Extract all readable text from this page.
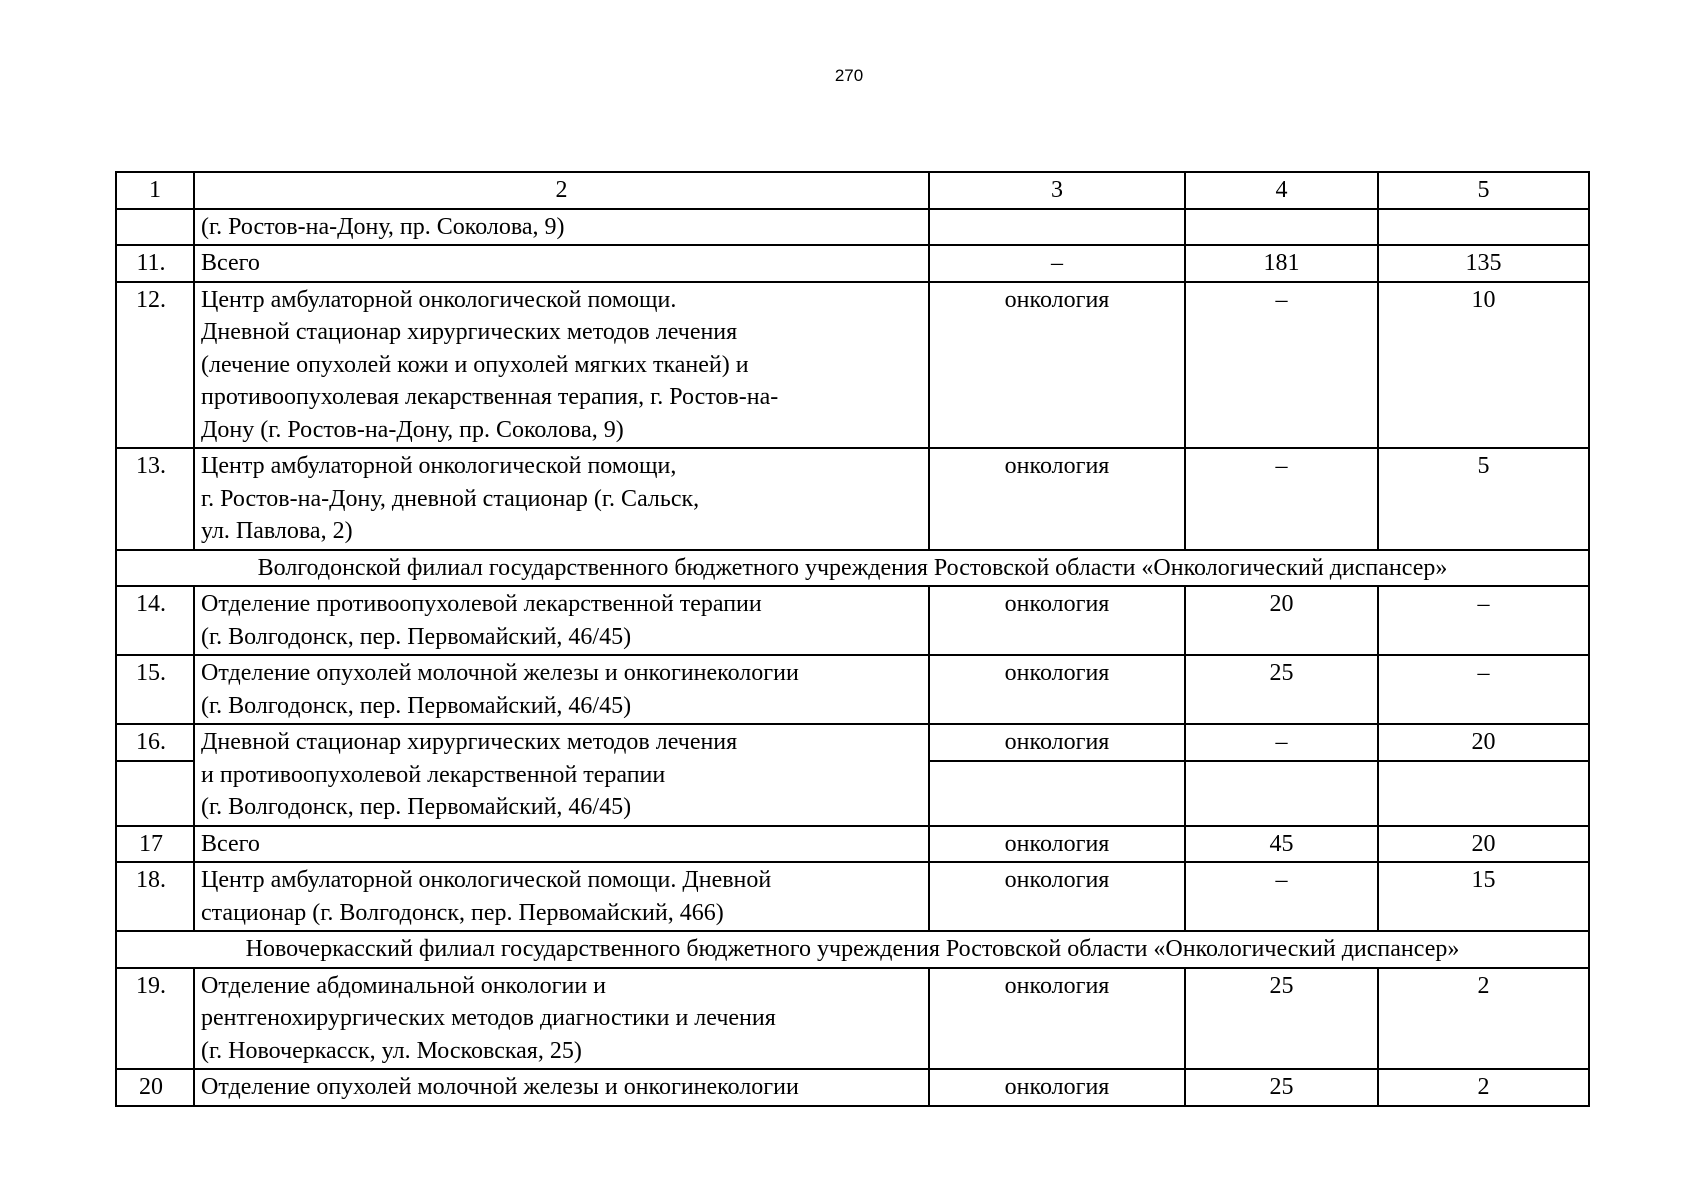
270
1	2	3	4	5
	(г. Ростов-на-Дону, пр. Соколова, 9)			
11.	Всего	–	181	135
12.	Центр амбулаторной онкологической помощи.
Дневной стационар хирургических методов лечения
(лечение опухолей кожи и опухолей мягких тканей) и
противоопухолевая лекарственная терапия, г. Ростов-на-
Дону (г. Ростов-на-Дону, пр. Соколова, 9)	онкология	–	10
13.	Центр амбулаторной онкологической помощи,
г. Ростов-на-Дону, дневной стационар (г. Сальск,
ул. Павлова, 2)	онкология	–	5
Волгодонской филиал государственного бюджетного учреждения Ростовской области «Онкологический диспансер»				
14.	Отделение противоопухолевой лекарственной терапии
(г. Волгодонск, пер. Первомайский, 46/45)	онкология	20	–
15.	Отделение опухолей молочной железы и онкогинекологии
(г. Волгодонск, пер. Первомайский, 46/45)	онкология	25	–
16.	Дневной стационар хирургических методов лечения
и противоопухолевой лекарственной терапии
(г. Волгодонск, пер. Первомайский, 46/45)	онкология	–	20

17	Всего	онкология	45	20
18.	Центр амбулаторной онкологической помощи. Дневной
стационар (г. Волгодонск, пер. Первомайский, 466)	онкология	–	15
Новочеркасский филиал государственного бюджетного учреждения Ростовской области «Онкологический диспансер»				
19.	Отделение абдоминальной онкологии и
рентгенохирургических методов диагностики и лечения
(г. Новочеркасск, ул. Московская, 25)	онкология	25	2
20	Отделение опухолей молочной железы и онкогинекологии	онкология	25	2
